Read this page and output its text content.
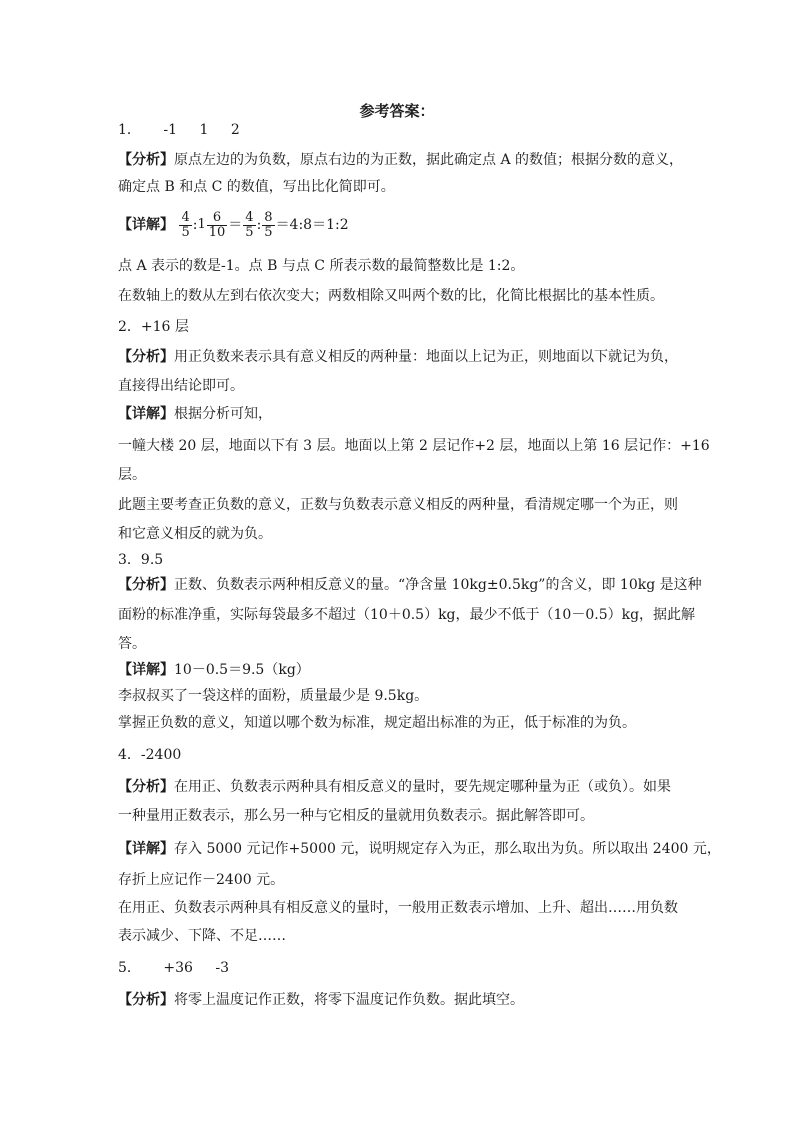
参考答案：
1． -1 1 2
【分析】原点左边的为负数，原点右边的为正数，据此确定点 A 的数值；根据分数的意义，
确定点 B 和点 C 的数值，写出比化简即可。
【详解】 $\frac{4}{5}$ :1 $\frac{6}{10} = \frac{4}{5}$ : $\frac{8}{5}$ ＝4:8＝1:2
点 A 表示的数是-1。点 B 与点 C 所表示数的最简整数比是 1:2。
在数轴上的数从左到右依次变大；两数相除又叫两个数的比，化简比根据比的基本性质。
2．+16 层
【分析】用正负数来表示具有意义相反的两种量：地面以上记为正，则地面以下就记为负，
直接得出结论即可。
【详解】根据分析可知，
一幢大楼 20 层，地面以下有 3 层。地面以上第 2 层记作+2 层，地面以上第 16 层记作：+16
层。
此题主要考查正负数的意义，正数与负数表示意义相反的两种量，看清规定哪一个为正，则
和它意义相反的就为负。
3．9.5
【分析】正数、负数表示两种相反意义的量。“净含量 10kg±0.5kg”的含义，即 10kg 是这种
面粉的标准净重，实际每袋最多不超过（10＋0.5）kg，最少不低于（10－0.5）kg，据此解
答。
【详解】10－0.5＝9.5（kg）
李叔叔买了一袋这样的面粉，质量最少是 9.5kg。
掌握正负数的意义，知道以哪个数为标准，规定超出标准的为正，低于标准的为负。
4．-2400
【分析】在用正、负数表示两种具有相反意义的量时，要先规定哪种量为正（或负）。如果
一种量用正数表示，那么另一种与它相反的量就用负数表示。据此解答即可。
【详解】存入 5000 元记作+5000 元，说明规定存入为正，那么取出为负。所以取出 2400 元，
存折上应记作－2400 元。
在用正、负数表示两种具有相反意义的量时，一般用正数表示增加、上升、超出……用负数
表示减少、下降、不足……
5． +36 -3
【分析】将零上温度记作正数，将零下温度记作负数。据此填空。
